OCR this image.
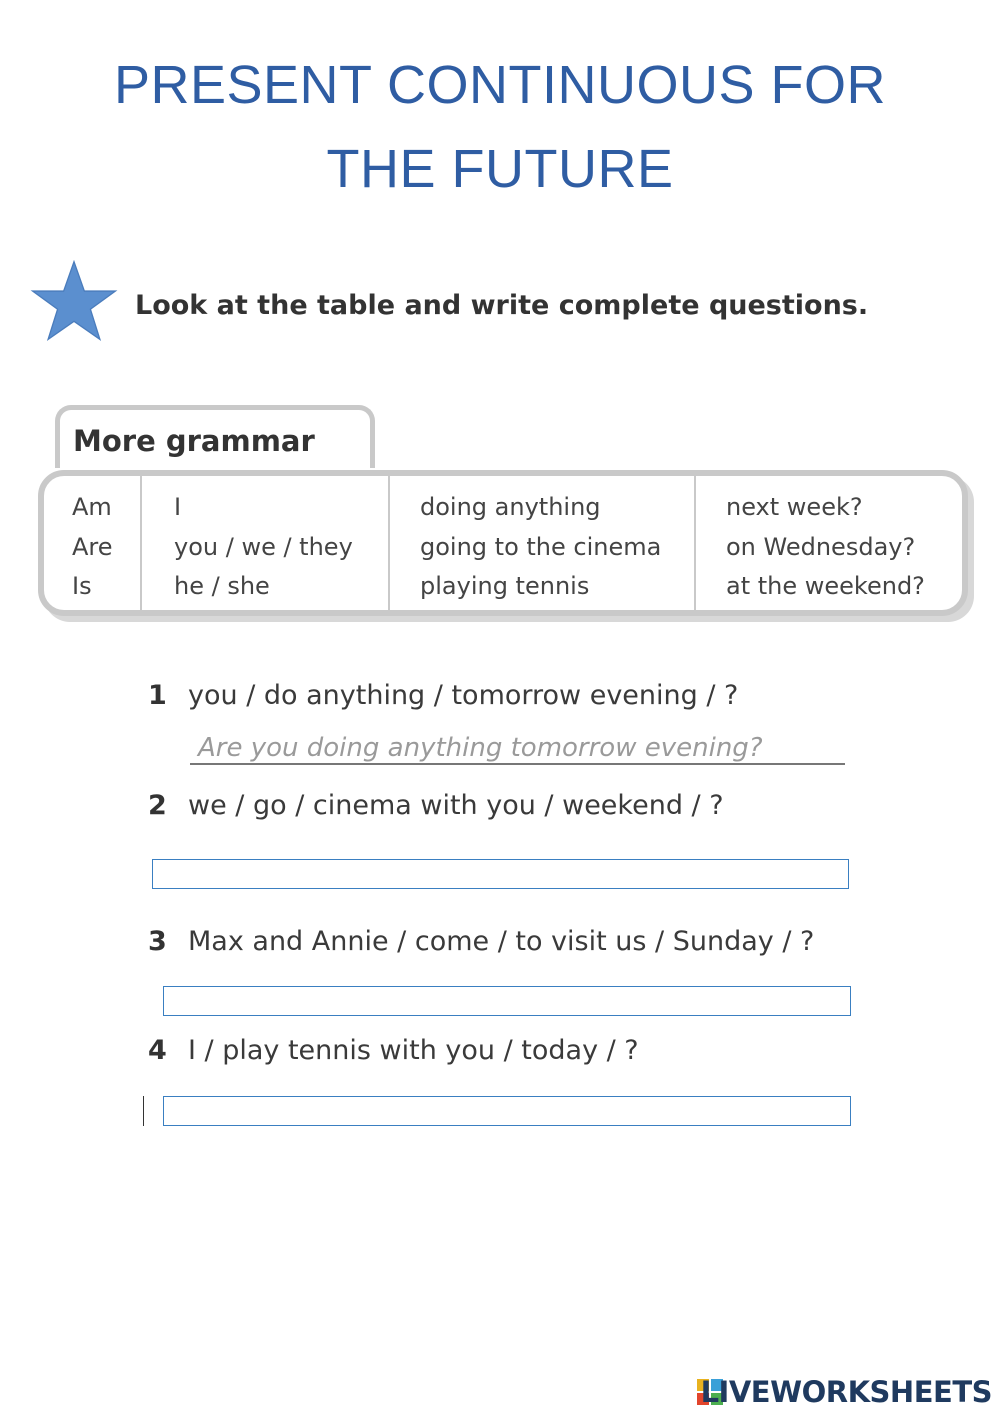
PRESENT CONTINUOUS FOR
THE FUTURE
Look at the table and write complete questions.
More grammar
Am
Are
Is
I
you / we / they
he / she
doing anything
going to the cinema
playing tennis
next week?
on Wednesday?
at the weekend?
1 you / do anything / tomorrow evening / ?
Are you doing anything tomorrow evening?
2 we / go / cinema with you / weekend / ?
3 Max and Annie / come / to visit us / Sunday / ?
4 I / play tennis with you / today / ?
LIVEWORKSHEETS
